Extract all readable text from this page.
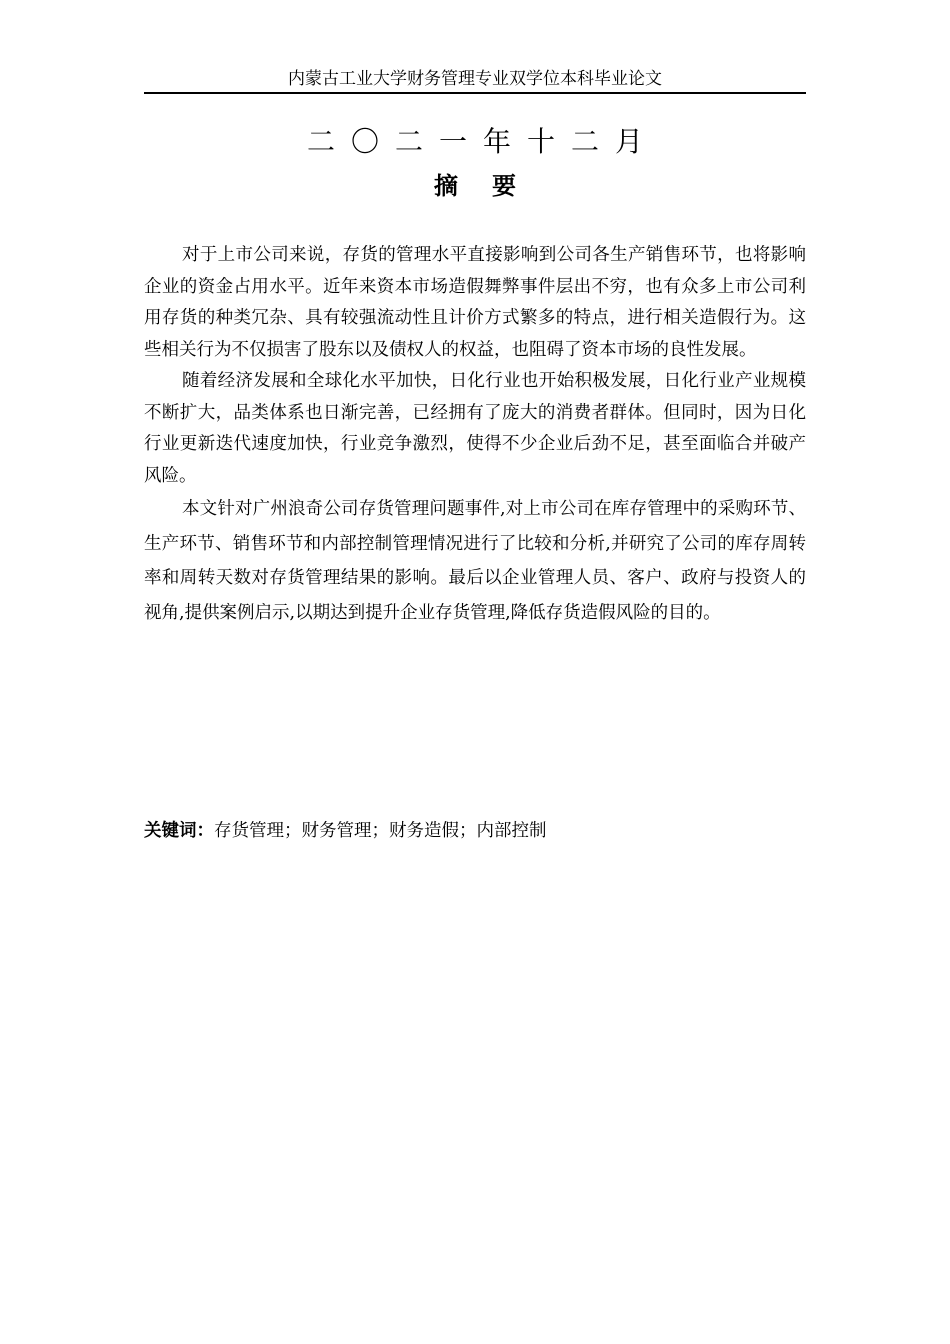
内蒙古工业大学财务管理专业双学位本科毕业论文
二〇二一年十二月
摘要

对于上市公司来说，存货的管理水平直接影响到公司各生产销售环节，也将影响企业的资金占用水平。近年来资本市场造假舞弊事件层出不穷，也有众多上市公司利用存货的种类冗杂、具有较强流动性且计价方式繁多的特点，进行相关造假行为。这些相关行为不仅损害了股东以及债权人的权益，也阻碍了资本市场的良性发展。

随着经济发展和全球化水平加快，日化行业也开始积极发展，日化行业产业规模不断扩大，品类体系也日渐完善，已经拥有了庞大的消费者群体。但同时，因为日化行业更新迭代速度加快，行业竞争激烈，使得不少企业后劲不足，甚至面临合并破产风险。

本文针对广州浪奇公司存货管理问题事件,对上市公司在库存管理中的采购环节、生产环节、销售环节和内部控制管理情况进行了比较和分析,并研究了公司的库存周转率和周转天数对存货管理结果的影响。最后以企业管理人员、客户、政府与投资人的视角,提供案例启示,以期达到提升企业存货管理,降低存货造假风险的目的。

关键词：存货管理；财务管理；财务造假；内部控制
